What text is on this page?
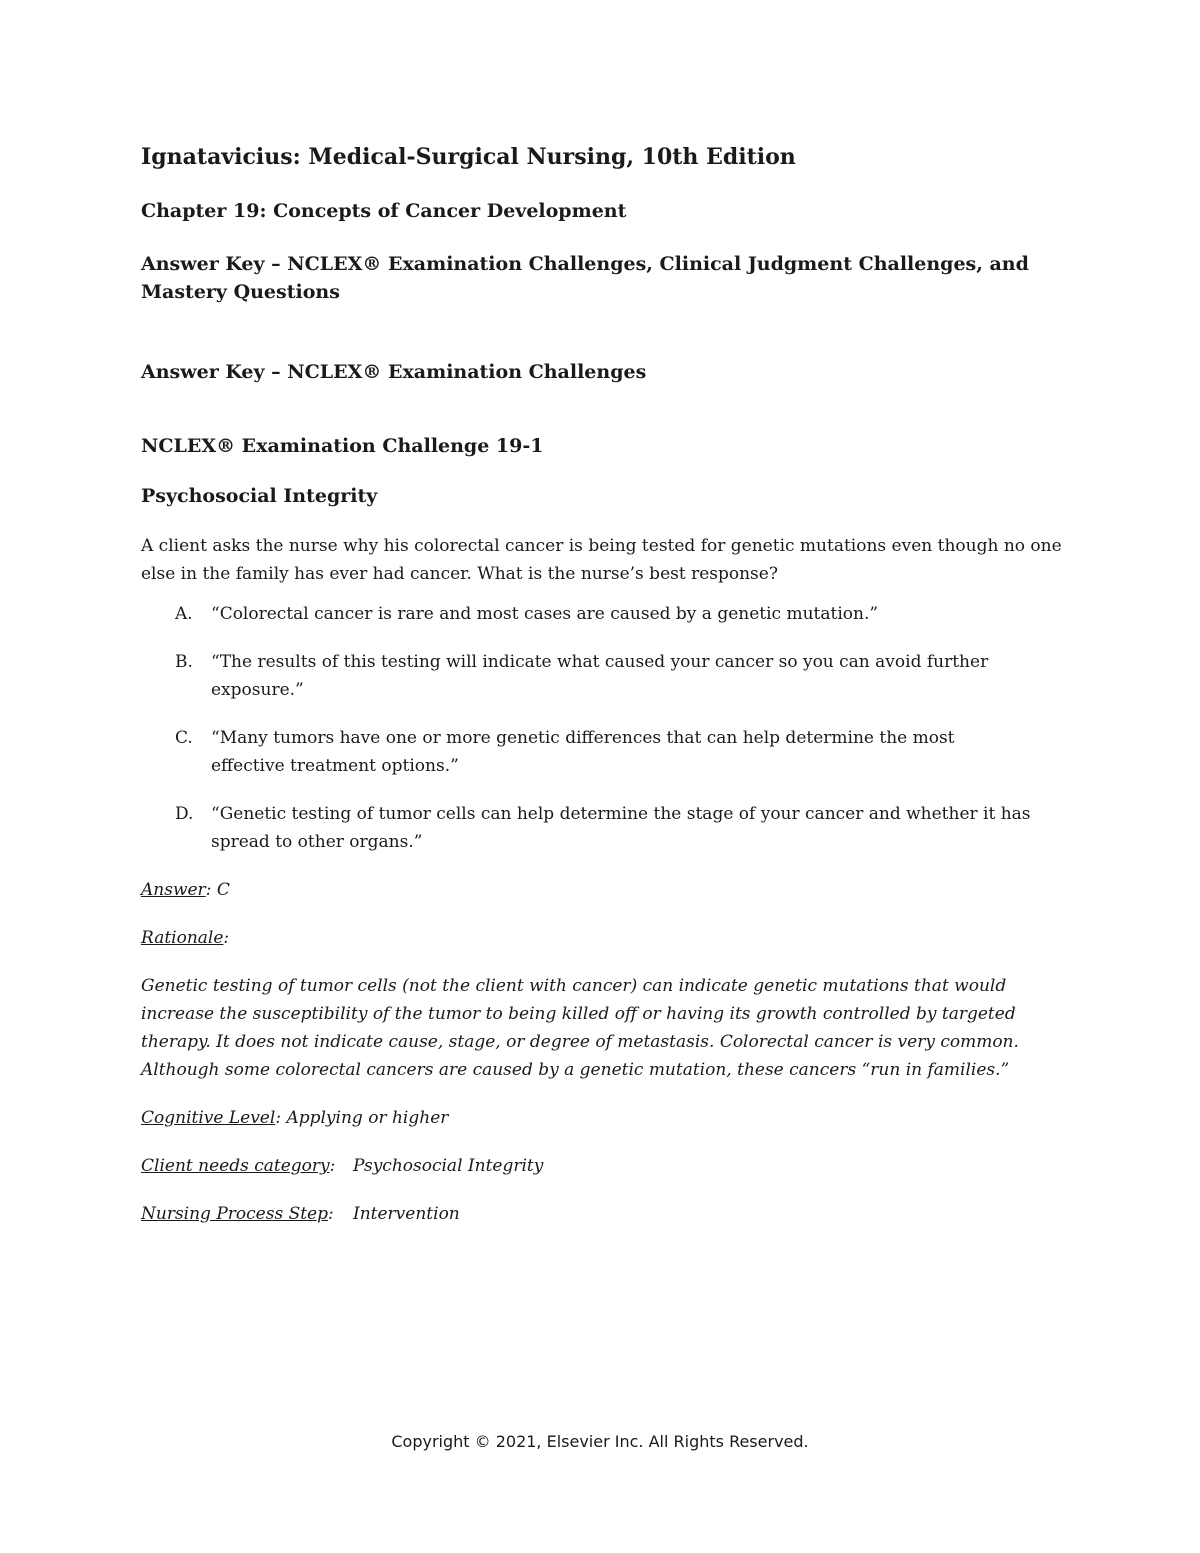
Ignatavicius: Medical-Surgical Nursing, 10th Edition
Chapter 19: Concepts of Cancer Development
Answer Key – NCLEX® Examination Challenges, Clinical Judgment Challenges, and Mastery Questions
Answer Key – NCLEX® Examination Challenges
NCLEX® Examination Challenge 19-1
Psychosocial Integrity

A client asks the nurse why his colorectal cancer is being tested for genetic mutations even though no one else in the family has ever had cancer. What is the nurse’s best response?

A.	“Colorectal cancer is rare and most cases are caused by a genetic mutation.”
B.	“The results of this testing will indicate what caused your cancer so you can avoid further exposure.”
C.	“Many tumors have one or more genetic differences that can help determine the most effective treatment options.”
D.	“Genetic testing of tumor cells can help determine the stage of your cancer and whether it has spread to other organs.”

Answer: C

Rationale:

Genetic testing of tumor cells (not the client with cancer) can indicate genetic mutations that would increase the susceptibility of the tumor to being killed off or having its growth controlled by targeted therapy. It does not indicate cause, stage, or degree of metastasis. Colorectal cancer is very common. Although some colorectal cancers are caused by a genetic mutation, these cancers “run in families.”

Cognitive Level: Applying or higher

Client needs category:	Psychosocial Integrity
Nursing Process Step:	Intervention
Copyright © 2021, Elsevier Inc. All Rights Reserved.
